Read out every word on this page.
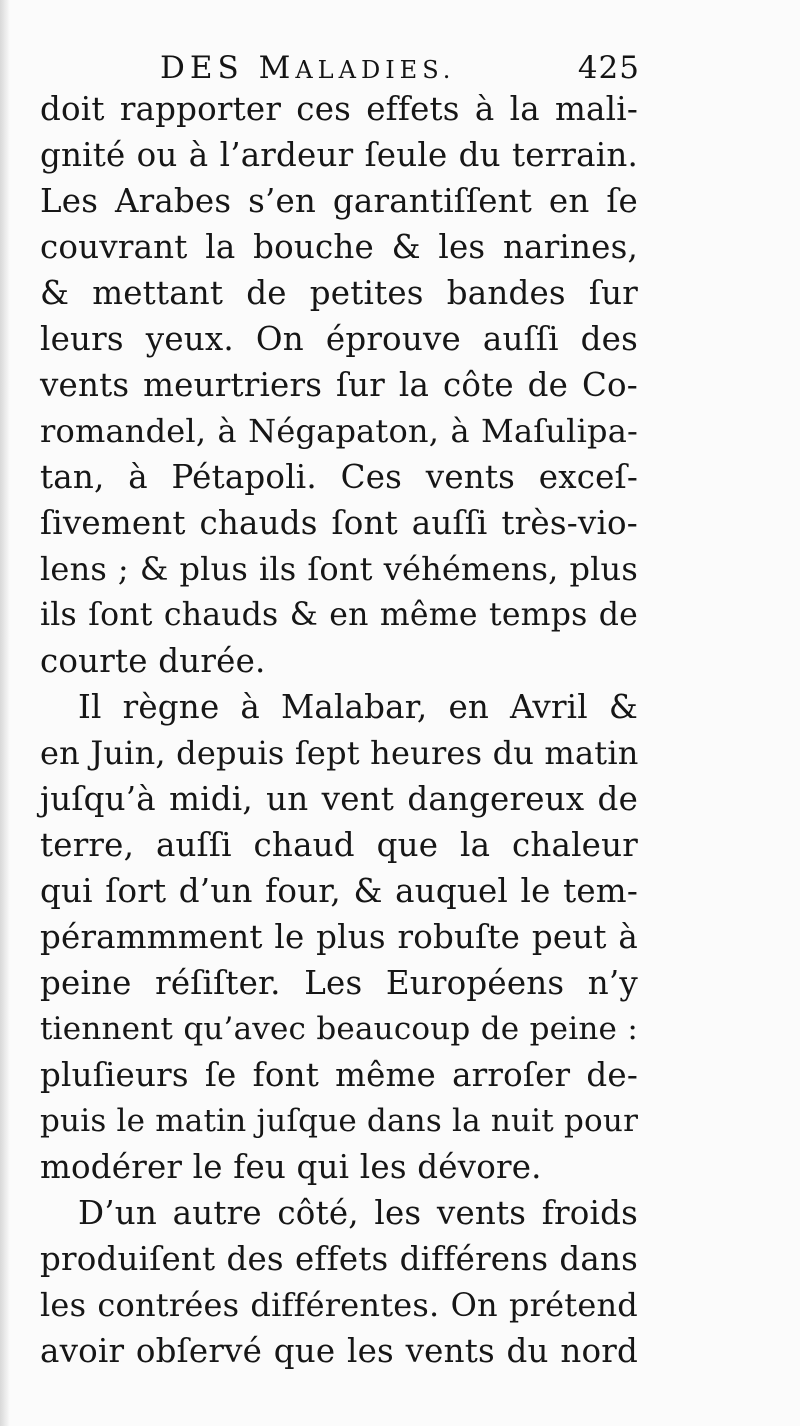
DES MALADIES.	425
doit rapporter ces effets à la mali-
gnité ou à l’ardeur ſeule du terrain.
Les Arabes s’en garantiſſent en ſe
couvrant la bouche & les narines,
& mettant de petites bandes ſur
leurs yeux. On éprouve auſſi des
vents meurtriers ſur la côte de Co-
romandel, à Négapaton, à Maſulipa-
tan, à Pétapoli. Ces vents exceſ-
ſivement chauds ſont auſſi très-vio-
lens ; & plus ils ſont véhémens, plus
ils ſont chauds & en même temps de
courte durée.
Il règne à Malabar, en Avril &
en Juin, depuis ſept heures du matin
juſqu’à midi, un vent dangereux de
terre, auſſi chaud que la chaleur
qui ſort d’un four, & auquel le tem-
pérammment le plus robuſte peut à
peine réſiſter. Les Européens n’y
tiennent qu’avec beaucoup de peine :
pluſieurs ſe font même arroſer de-
puis le matin juſque dans la nuit pour
modérer le feu qui les dévore.
D’un autre côté, les vents froids
produiſent des effets différens dans
les contrées différentes. On prétend
avoir obſervé que les vents du nord
